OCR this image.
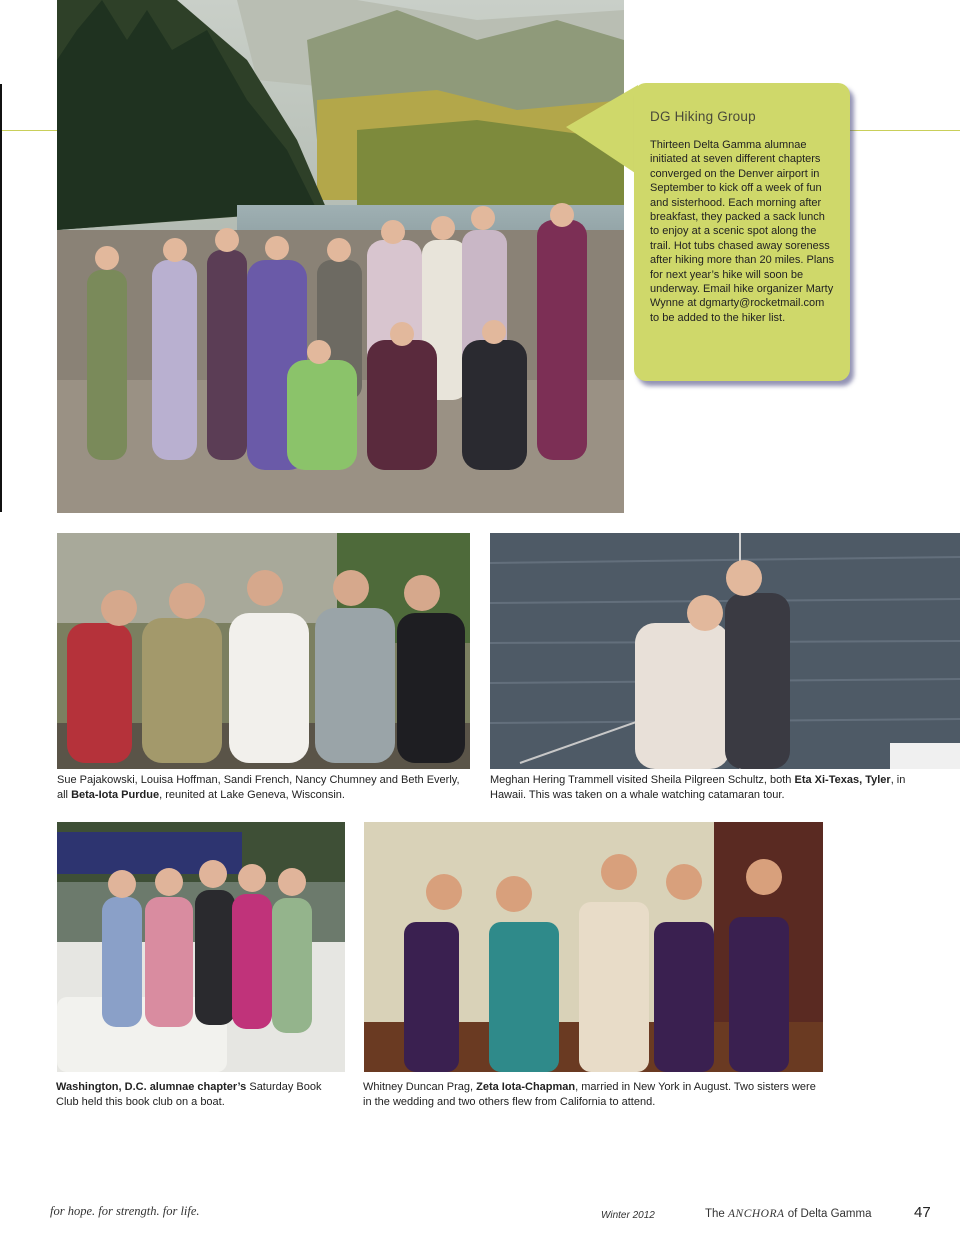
DG Hiking Group

Thirteen Delta Gamma alumnae initiated at seven different chapters converged on the Denver airport in September to kick off a week of fun and sisterhood. Each morning after breakfast, they packed a sack lunch to enjoy at a scenic spot along the trail. Hot tubs chased away soreness after hiking more than 20 miles. Plans for next year’s hike will soon be underway. Email hike organizer Marty Wynne at dgmarty@rocketmail.com to be added to the hiker list.

Sue Pajakowski, Louisa Hoffman, Sandi French, Nancy Chumney and Beth Everly, all Beta-Iota Purdue, reunited at Lake Geneva, Wisconsin.
Meghan Hering Trammell visited Sheila Pilgreen Schultz, both Eta Xi-Texas, Tyler, in Hawaii. This was taken on a whale watching catamaran tour.
Washington, D.C. alumnae chapter’s Saturday Book Club held this book club on a boat.
Whitney Duncan Prag, Zeta Iota-Chapman, married in New York in August. Two sisters were in the wedding and two others flew from California to attend.
for hope. for strength. for life.	Winter 2012	The ANCHORA of Delta Gamma	47
